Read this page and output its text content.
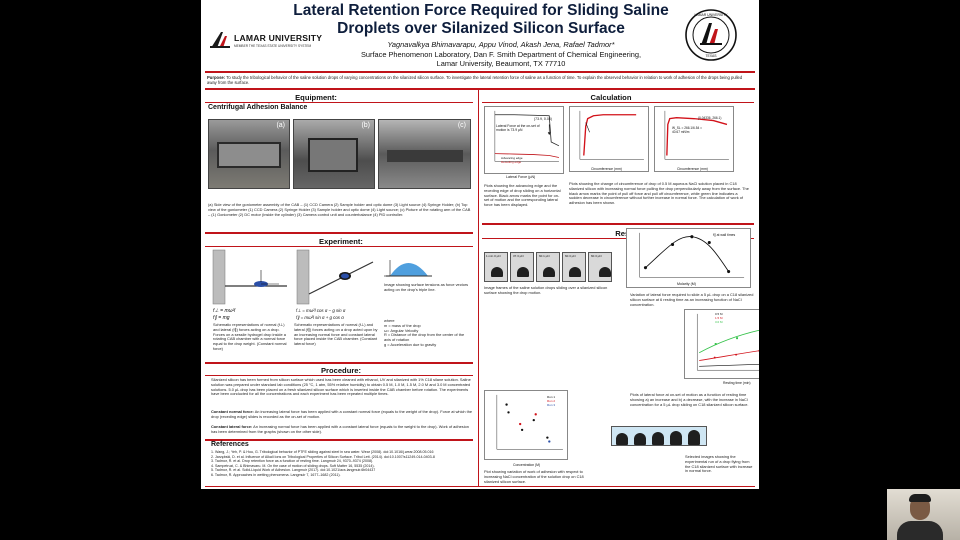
LAMAR UNIVERSITY
MEMBER THE TEXAS STATE UNIVERSITY SYSTEM
Lateral Retention Force Required for Sliding Saline
Droplets over Silanized Silicon Surface
Yagnavalkya Bhimavarapu, Appu Vinod, Akash Jena, Rafael Tadmor*
Surface Phenomenon Laboratory, Dan F. Smith Department of Chemical Engineering,
Lamar University, Beaumont, TX 77710
LAMAR UNIVERSITY
TEXAS
Purpose: To study the tribological behavior of the saline solution drops of varying concentrations on the silanized silicon surface. To investigate the lateral retention force of saline as a function of time. To explain the observed behavior in relation to work of adhesion of the drops being pulled away from the surface.
Equipment:
Centrifugal Adhesion Balance
(a)	(b)	(c)
(a) Side view of the goniometer assembly of the CAB – (1) CCD Camera (2) Sample holder and optic dome (3) Light source (4) Syringe Holder; (b) Top view of the goniometer (1) CCD Camera (2) Syringe Holder (3) Sample holder and optic dome (4) Light source; (c) Picture of the rotating arm of the CAB – (1) Goniometer (2) DC motor (inside the cylinder) (3) Camera control unit and counterbalance (4) PID controller.
Experiment:
f⊥ = mω²l
f∥ = mg
f⊥ = mω²l cos α − g sin α
f∥ = mω²l sin α + g cos α
Schematic representations of normal (f⊥) and lateral (f∥) forces acting on a drop. Forces on a sessile hydrogel drop inside a rotating CAB chamber with a normal force equal to the drop weight. (Constant normal force)
Schematic representations of normal (f⊥) and lateral (f∥) forces acting on a drop acted upon by an increasing normal force and constant lateral force placed inside the CAB chamber. (Constant lateral force)
where
m = mass of the drop
ω= Angular Velocity
R = Distance of the drop from the center of the axis of rotation
g = Acceleration due to gravity
Image showing surface tensions as force vectors acting on the drop's triple line.
Procedure:
Silanized silicon has been formed from silicon surface which used has been cleaned with ethanol, UV and silanized with 1% C18 silane solution. Saline solution was prepared under standard lab conditions (25 °C, 1 atm, 55% relative humidity) to obtain 0.5 M, 1.0 M, 1.5 M, 2.0 M and 3.0 M concentrated solutions. 5.0 µL drop has been placed on a fresh silanized silicon surface which is inserted inside the CAB chamber before rotation. The experiments have been conducted for all the concentrations and each experiment has been repeated multiple times.
Constant normal force: An increasing lateral force has been applied with a constant normal force (equals to the weight of the drop). Force at which the drop (receding edge) slides is recorded as the on-set of motion.
Constant lateral force: An increasing normal force has been applied with a constant lateral force (equals to the weight to the drop). Work of adhesion has been determined from the graphs (shown on the other side).
References
1. Wang, J.; Yeh, P. & Hou, G. Tribological behavior of PTFE sliding against steel in sea water. Wear (2008). doi:10.1016/j.wear.2008.05.016
2. Jarzębski, D. et al. Influence of Alkali Ions on Tribological Properties of Silicon Surface. Tribol Lett. (2014). doi:10.1007/s11249-014-0403-8
3. Tadmor, R. et al. Drop retention force as a function of resting time. Langmuir 24, 9370–9374 (2008).
4. Sampetruzi, C. & Bhimavaru. M. On the case of motion of sliding drops. Soft Matter 16, 5535 (2014).
5. Tadmor, R. et al. Solid-Liquid Work of Adhesion. Langmuir (2017). doi:10.1021/acs.langmuir.6b04437
6. Tadmor, R. Approaches in wetting phenomena. Langmuir 7, 1677–1682 (2011).
Calculation
(73.9, 0.04)
Lateral Force at the on-set of motion is 73.9 µN
Advancing edge
Receding edge
Lateral Force (µN)
Plots showing the advancing edge and the receding edge of drop sliding on a horizontal surface. Black arrow marks the point for on-set of motion and the corresponding lateral force has been displayed.
Circumference (mm)
(0.04336, 266.1)
W_SL = 266.1/6.54 = 40.67 mN/m
Circumference (mm)
Plots showing the change of circumference of drop of 0.5 M aqueous NaCl solution placed in C18 silanized silicon with increasing normal force pulling the drop perpendicularly away from the surface. The black arrow marks the point of pull off force and pull off circumference, while green line indicates a sudden decrease in circumference without further increase in normal force. The calculation of work of adhesion has been shown.
Results
1 min 0 µN	37.3 µN	60.1 µN	60.3 µN	60.3 µN
Image frames of the saline solution drops sliding over a silanized silicon surface showing the drop motion.
f∥ at wall times
Molarity (M)
Variation of lateral force required to slide a 5 µL drop on a C18 silanized silicon surface at 6 resting time as an increasing function of NaCl concentration.
0.5 M
1.5 M
3.0 M
Resting time (min)
Plots of lateral force at on-set of motion as a function of resting time showing a) an increase and b) a decrease, with the increase in NaCl concentration for a 5 µL drop sliding on C18 silanized silicon surface.
Run 1
Run 2
Run 3
Concentration (M)
Plot showing variation of work of adhesion with respect to increasing NaCl concentration of the solution drop on C18 silanized silicon surface.
Selected images showing the experimental run of a drop flying from the C18 silanized surface with increase in normal force.
